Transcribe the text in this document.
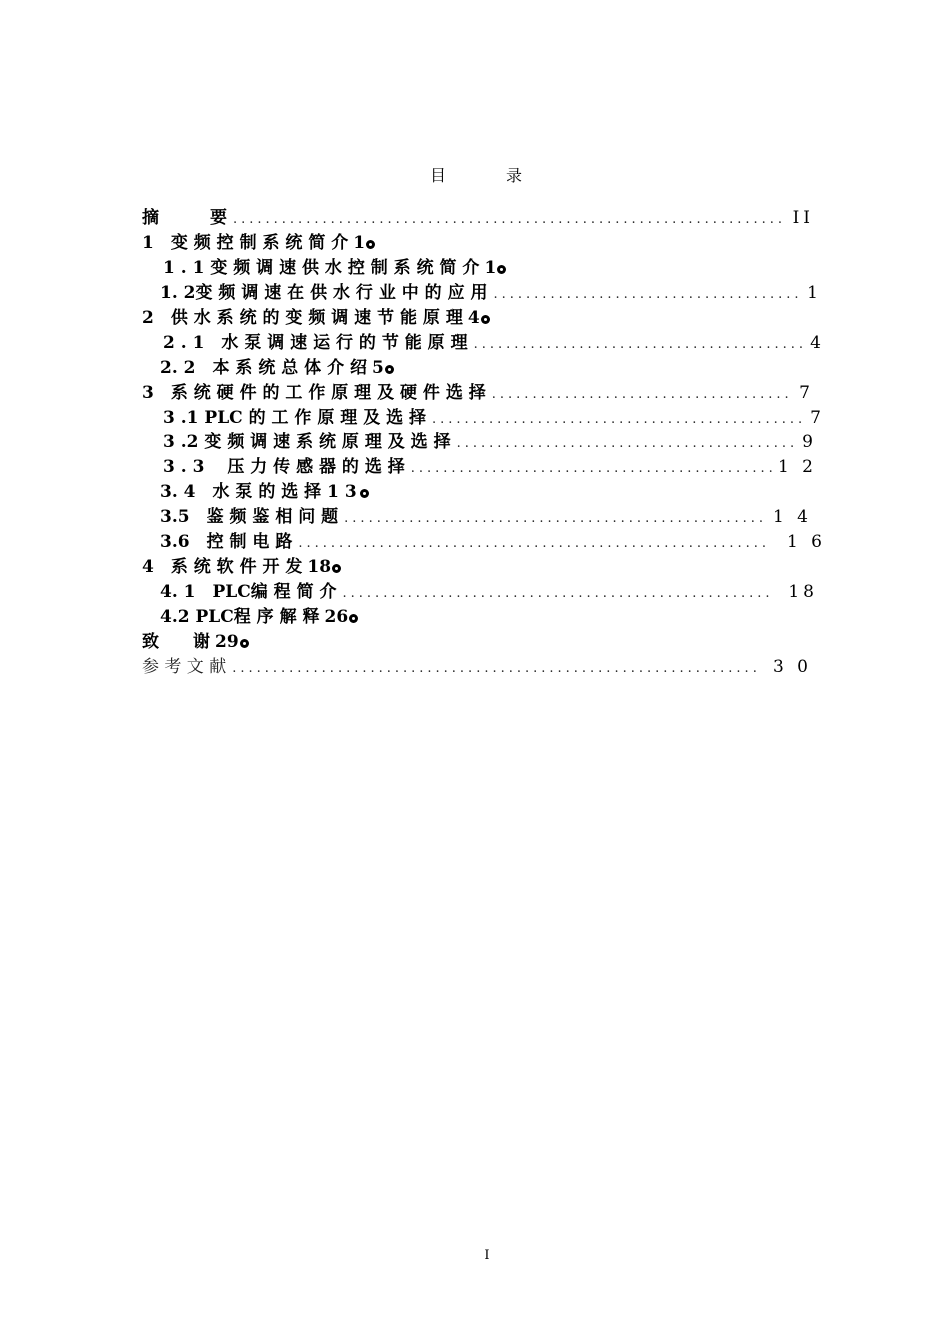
目　录
摘　　　要 .....	II
1　变 频 控 制 系 统 简 介 1
1 . 1 变 频 调 速 供 水 控 制 系 统 简 介 1
1. 2变 频 调 速 在 供 水 行 业 中 的 应 用 .....	1
2　供 水 系 统 的 变 频 调 速 节 能 原 理 4
2 . 1　水 泵 调 速 运 行 的 节 能 原 理 .....	4
2. 2　本 系 统 总 体 介 绍 5
3　系 统 硬 件 的 工 作 原 理 及 硬 件 选 择 .....	7
3 .1 PLC 的 工 作 原 理 及 选 择 .....	7
3 .2 变 频 调 速 系 统 原 理 及 选 择 .....	9
3 . 3　 压 力 传 感 器 的 选 择 .....	1 2
3. 4　水 泵 的 选 择 1 3
3.5　鉴 频 鉴 相 问 题 .....	1 4
3.6　控 制 电 路 .....	1 6
4　系 统 软 件 开 发 18
4. 1　PLC编 程 简 介 .....	18
4.2 PLC程 序 解 释 26
致　　谢 29
参 考 文 献 .....	3 0
I
